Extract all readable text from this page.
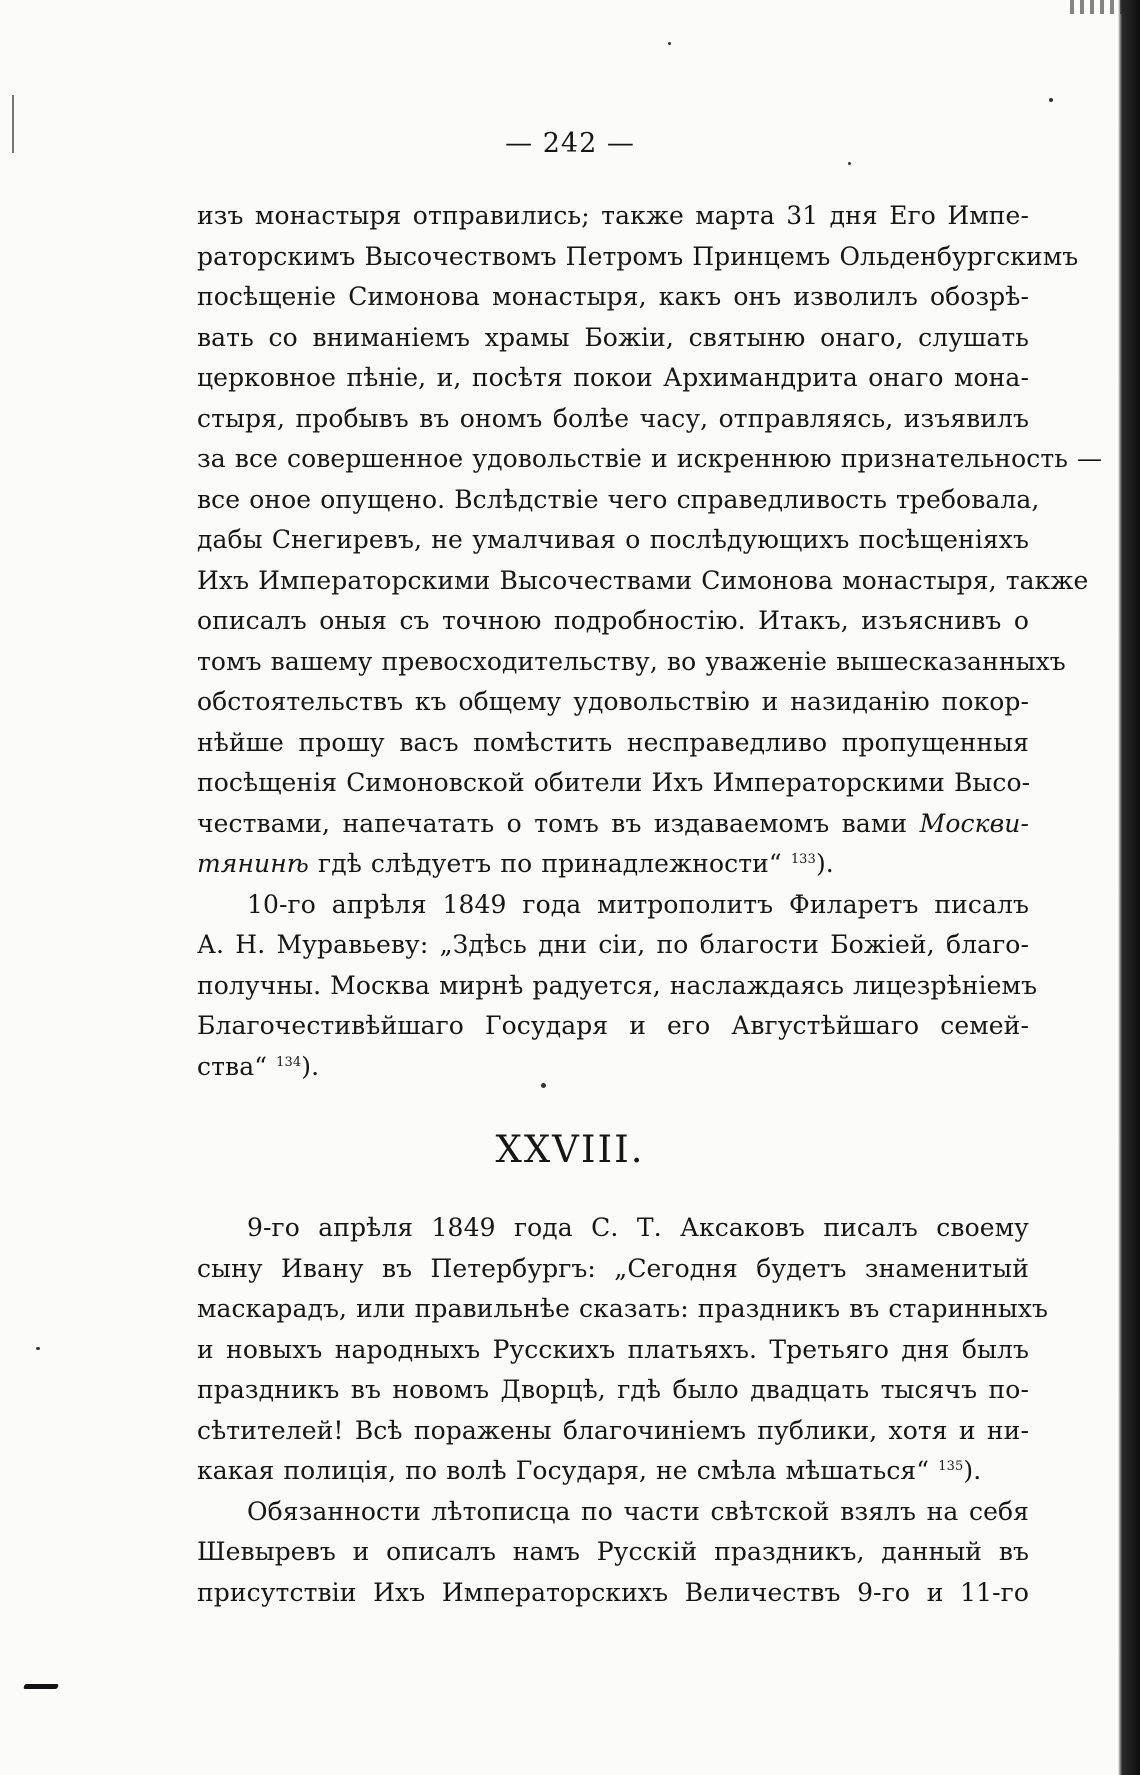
— 242 —
изъ монастыря отправились; также марта 31 дня Его Импе-
раторскимъ Высочествомъ Петромъ Принцемъ Ольденбургскимъ
посѣщеніе Симонова монастыря, какъ онъ изволилъ обозрѣ-
вать со вниманіемъ храмы Божіи, святыню онаго, слушать
церковное пѣніе, и, посѣтя покои Архимандрита онаго мона-
стыря, пробывъ въ ономъ болѣе часу, отправляясь, изъявилъ
за все совершенное удовольствіе и искреннюю признательность —
все оное опущено. Вслѣдствіе чего справедливость требовала,
дабы Снегиревъ, не умалчивая о послѣдующихъ посѣщеніяхъ
Ихъ Императорскими Высочествами Симонова монастыря, также
описалъ оныя съ точною подробностію. Итакъ, изъяснивъ о
томъ вашему превосходительству, во уваженіе вышесказанныхъ
обстоятельствъ къ общему удовольствію и назиданію покор-
нѣйше прошу васъ помѣстить несправедливо пропущенныя
посѣщенія Симоновской обители Ихъ Императорскими Высо-
чествами, напечатать о томъ въ издаваемомъ вами Москви-
тянинѣ гдѣ слѣдуетъ по принадлежности“ $^{133}$).
10-го апрѣля 1849 года митрополитъ Филаретъ писалъ
А. Н. Муравьеву: „Здѣсь дни сіи, по благости Божіей, благо-
получны. Москва мирнѣ радуется, наслаждаясь лицезрѣніемъ
Благочестивѣйшаго Государя и его Августѣйшаго семей-
ства“ $^{134}$).
XXVIII.
9-го апрѣля 1849 года С. Т. Аксаковъ писалъ своему
сыну Ивану въ Петербургъ: „Сегодня будетъ знаменитый
маскарадъ, или правильнѣе сказать: праздникъ въ старинныхъ
и новыхъ народныхъ Русскихъ платьяхъ. Третьяго дня былъ
праздникъ въ новомъ Дворцѣ, гдѣ было двадцать тысячъ по-
сѣтителей! Всѣ поражены благочиніемъ публики, хотя и ни-
какая полиція, по волѣ Государя, не смѣла мѣшаться“ $^{135}$).
Обязанности лѣтописца по части свѣтской взялъ на себя
Шевыревъ и описалъ намъ Русскій праздникъ, данный въ
присутствіи Ихъ Императорскихъ Величествъ 9-го и 11-го
